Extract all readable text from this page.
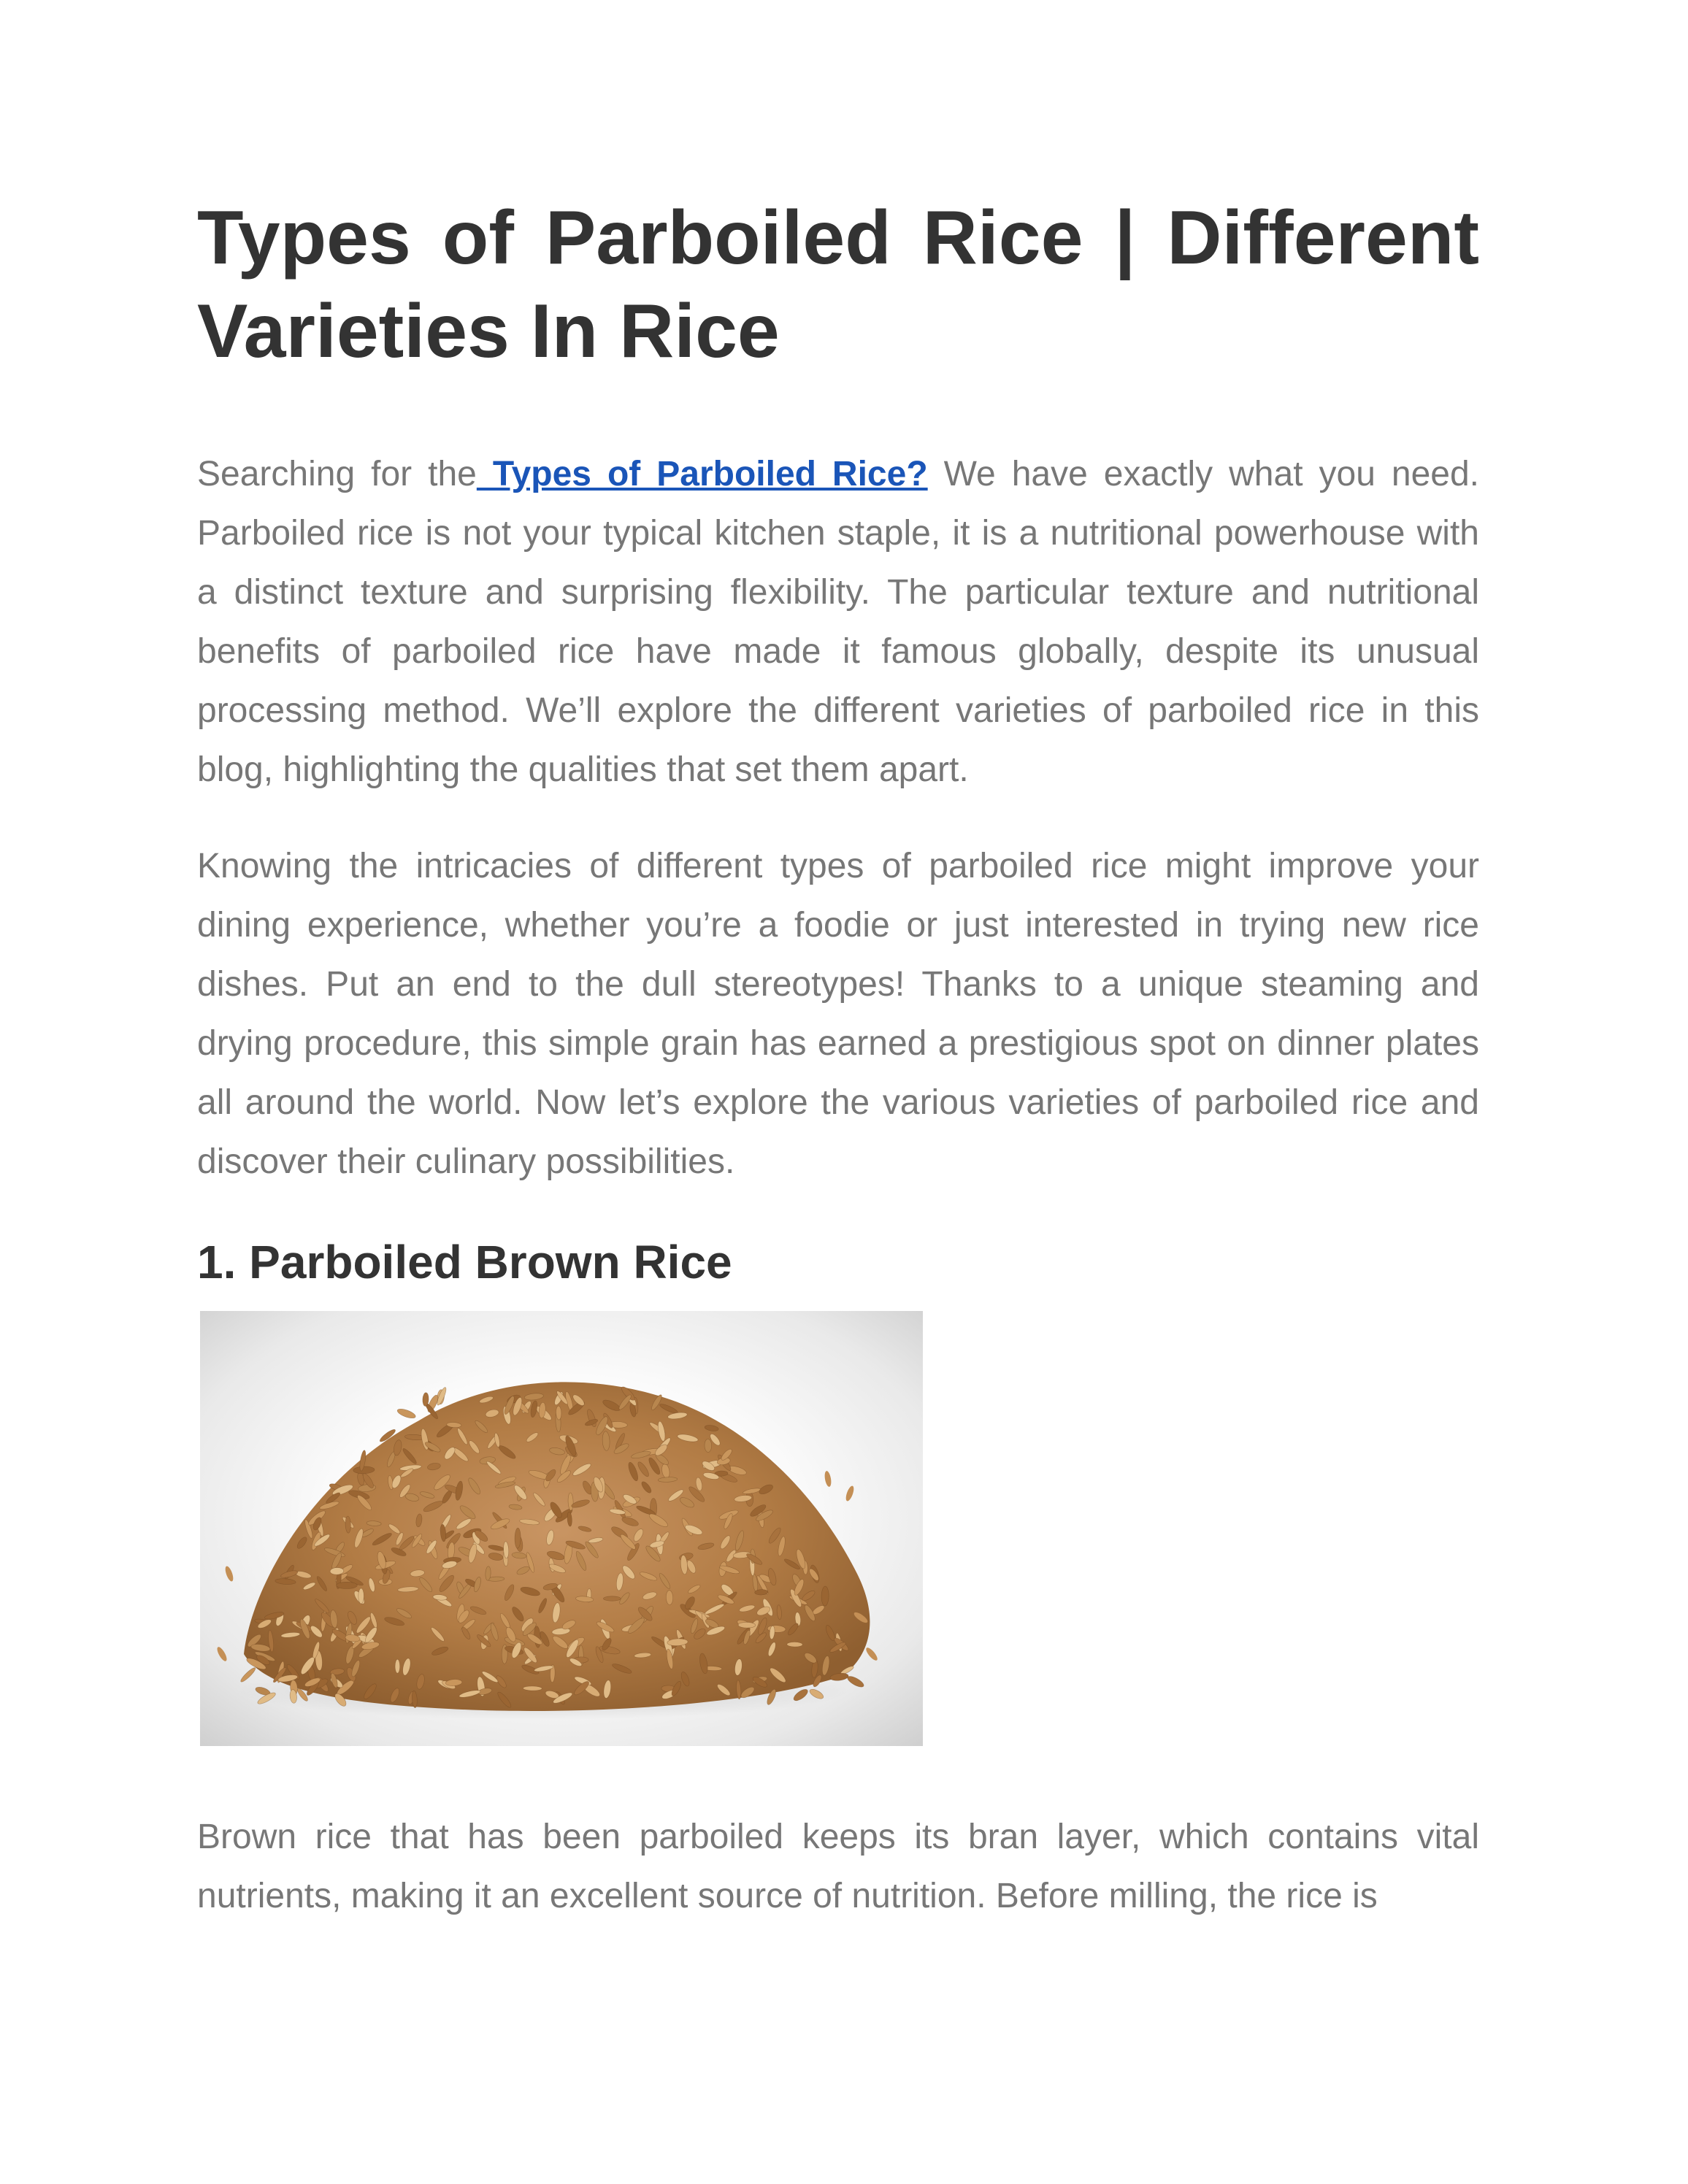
Types of Parboiled Rice | Different Varieties In Rice

Searching for the Types of Parboiled Rice? We have exactly what you need. Parboiled rice is not your typical kitchen staple, it is a nutritional powerhouse with a distinct texture and surprising flexibility. The particular texture and nutritional benefits of parboiled rice have made it famous globally, despite its unusual processing method. We’ll explore the different varieties of parboiled rice in this blog, highlighting the qualities that set them apart.

Knowing the intricacies of different types of parboiled rice might improve your dining experience, whether you’re a foodie or just interested in trying new rice dishes. Put an end to the dull stereotypes! Thanks to a unique steaming and drying procedure, this simple grain has earned a prestigious spot on dinner plates all around the world. Now let’s explore the various varieties of parboiled rice and discover their culinary possibilities.

1. Parboiled Brown Rice

Brown rice that has been parboiled keeps its bran layer, which contains vital nutrients, making it an excellent source of nutrition. Before milling, the rice is
